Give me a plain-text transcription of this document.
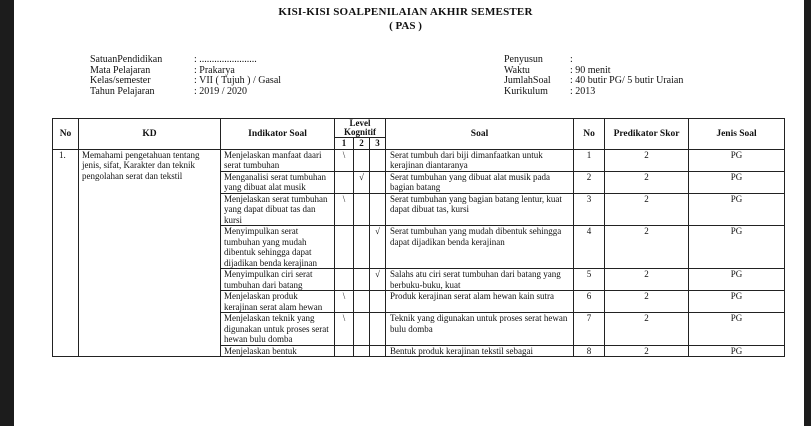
KISI-KISI SOALPENILAIAN AKHIR SEMESTER
( PAS )
SatuanPendidikan	: .......................
Mata Pelajaran	: Prakarya
Kelas/semester	: VII ( Tujuh ) / Gasal
Tahun Pelajaran	: 2019 / 2020
Penyusun	:
Waktu	: 90 menit
JumlahSoal	: 40 butir PG/ 5 butir Uraian
Kurikulum	: 2013
No	KD	Indikator Soal	Level Kognitif			Soal	No	Predikator Skor	Jenis Soal
			1	2	3				
1.	Memahami pengetahuan tentang jenis, sifat, Karakter dan teknik pengolahan serat dan tekstil	Menjelaskan manfaat daari serat tumbuhan	\			Serat tumbuh dari biji dimanfaatkan untuk kerajinan diantaranya	1	2	PG
		Menganalisi serat tumbuhan yang dibuat alat musik		√		Serat tumbuhan yang dibuat alat musik pada bagian batang	2	2	PG
		Menjelaskan serat tumbuhan yang dapat dibuat tas dan kursi	\			Serat tumbuhan yang bagian batang lentur, kuat dapat dibuat tas, kursi	3	2	PG
		Menyimpulkan serat tumbuhan yang mudah dibentuk sehingga dapat dijadikan benda kerajinan			√	Serat tumbuhan yang mudah dibentuk sehingga dapat dijadikan benda kerajinan	4	2	PG
		Menyimpulkan ciri serat tumbuhan dari batang			√	Salahs atu ciri serat tumbuhan dari batang yang berbuku-buku, kuat	5	2	PG
		Menjelaskan produk kerajinan serat alam hewan	\			Produk kerajinan serat alam hewan kain sutra	6	2	PG
		Menjelaskan teknik yang digunakan untuk proses serat hewan bulu domba	\			Teknik yang digunakan untuk proses serat hewan bulu domba	7	2	PG
		Menjelaskan bentuk				Bentuk produk kerajinan tekstil sebagai	8	2	PG
